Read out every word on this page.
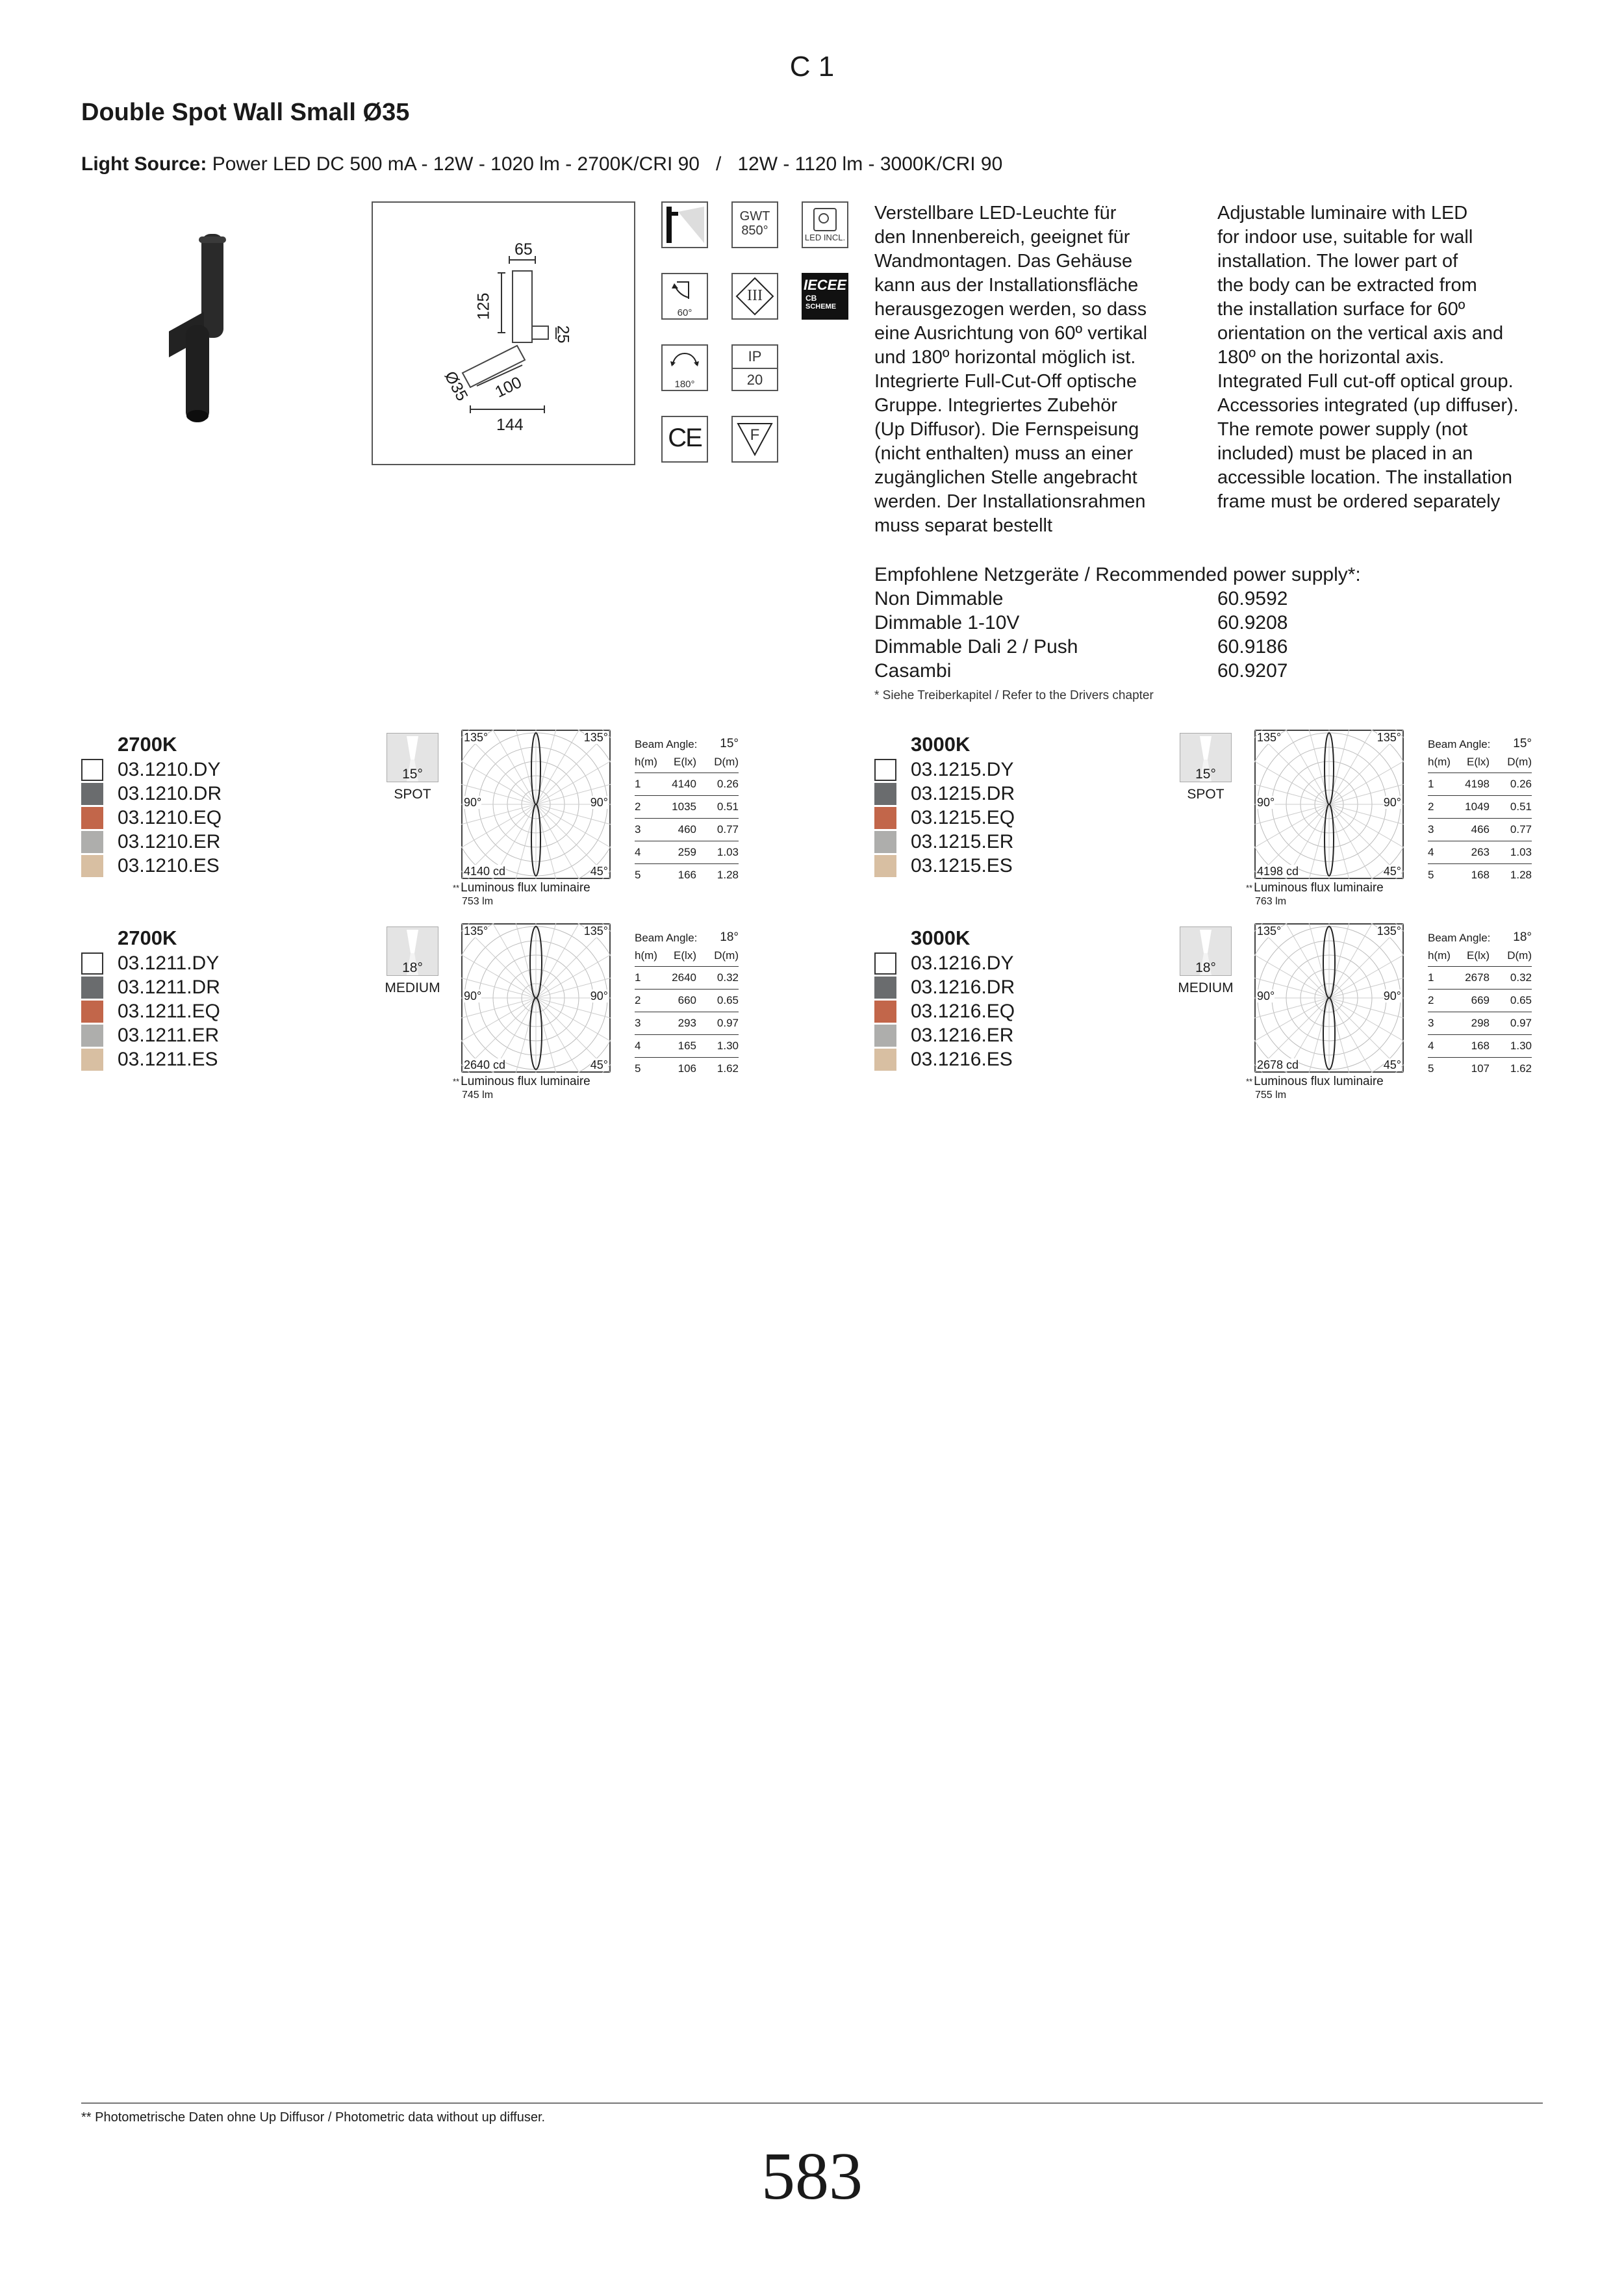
C 1
Double Spot Wall Small Ø35
Light Source: Power LED DC 500 mA - 12W - 1020 lm - 2700K/CRI 90   /   12W - 1120 lm - 3000K/CRI 90
65
125
25
Ø35 100
144
GWT
850°	LED INCL.
60°
III
IECEE
CB
SCHEME
180°
IP
20
CE	F
Verstellbare LED-Leuchte für
den Innenbereich, geeignet für
Wandmontagen. Das Gehäuse
kann aus der Installationsfläche
herausgezogen werden, so dass
eine Ausrichtung von 60º vertikal
und 180º horizontal möglich ist.
Integrierte Full-Cut-Off optische
Gruppe. Integriertes Zubehör
(Up Diffusor). Die Fernspeisung
(nicht enthalten) muss an einer
zugänglichen Stelle angebracht
werden. Der Installationsrahmen
muss separat bestellt
Adjustable luminaire with LED
for indoor use, suitable for wall
installation. The lower part of
the body can be extracted from
the installation surface for 60º
orientation on the vertical axis and
180º on the horizontal axis.
Integrated Full cut-off optical group.
Accessories integrated (up diffuser).
The remote power supply (not
included) must be placed in an
accessible location. The installation
frame must be ordered separately
Empfohlene Netzgeräte / Recommended power supply*:
Non Dimmable	60.9592
Dimmable 1-10V	60.9208
Dimmable Dali 2 / Push	60.9186
Casambi	60.9207
* Siehe Treiberkapitel / Refer to the Drivers chapter
2700K
03.1210.DY
03.1210.DR
03.1210.EQ
03.1210.ER
03.1210.ES
15°
SPOT
135°	135°
90°	90°
4140 cd	45°
** Luminous flux luminaire
753 lm
Beam Angle: 15°
h(m)	E(lx)	D(m)
1	4140	0.26
2	1035	0.51
3	460	0.77
4	259	1.03
5	166	1.28
3000K
03.1215.DY
03.1215.DR
03.1215.EQ
03.1215.ER
03.1215.ES
15°
SPOT
135°	135°
90°	90°
4198 cd	45°
** Luminous flux luminaire
763 lm
Beam Angle: 15°
h(m)	E(lx)	D(m)
1	4198	0.26
2	1049	0.51
3	466	0.77
4	263	1.03
5	168	1.28
2700K
03.1211.DY
03.1211.DR
03.1211.EQ
03.1211.ER
03.1211.ES
18°
MEDIUM
135°	135°
90°	90°
2640 cd	45°
** Luminous flux luminaire
745 lm
Beam Angle: 18°
h(m)	E(lx)	D(m)
1	2640	0.32
2	660	0.65
3	293	0.97
4	165	1.30
5	106	1.62
3000K
03.1216.DY
03.1216.DR
03.1216.EQ
03.1216.ER
03.1216.ES
18°
MEDIUM
135°	135°
90°	90°
2678 cd	45°
** Luminous flux luminaire
755 lm
Beam Angle: 18°
h(m)	E(lx)	D(m)
1	2678	0.32
2	669	0.65
3	298	0.97
4	168	1.30
5	107	1.62
** Photometrische Daten ohne Up Diffusor / Photometric data without up diffuser.
583
